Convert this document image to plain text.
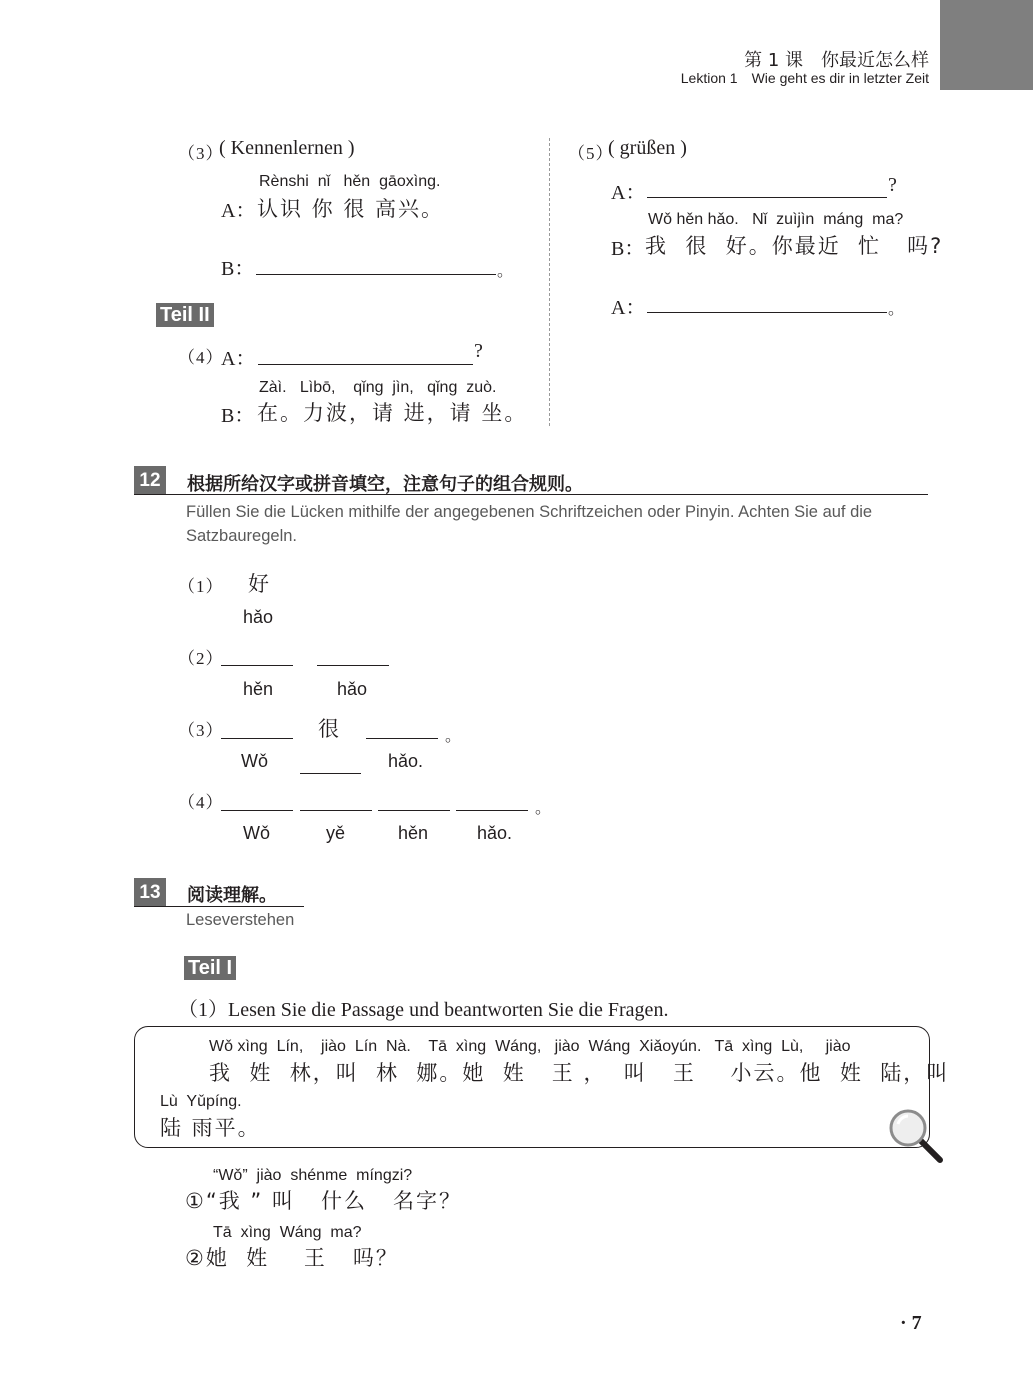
第 1 课　你最近怎么样
Lektion 1　Wie geht es dir in letzter Zeit
（3）
( Kennenlernen )
Rènshi  nǐ   hěn  gāoxìng.
A： 认识 你 很 高兴。
B：	。
Teil II
（4）
A：	?
Zàì.   Lìbō,    qǐng  jìn,   qǐng  zuò.
B： 在。力波，请 进，请 坐。
（5）
( grüßen )
A：	?
Wǒ hěn hǎo.   Nǐ  zuìjìn  máng  ma?
B： 我  很  好。你最近  忙   吗?
A：	。
12	根据所给汉字或拼音填空，注意句子的组合规则。
Füllen Sie die Lücken mithilfe der angegebenen Schriftzeichen oder Pinyin. Achten Sie auf die Satzbauregeln.
（1） 好
hǎo
（2）
hěn	hǎo
（3）	很	。
Wǒ	hǎo.
（4）	。
Wǒ	yě	hěn	hǎo.
13	阅读理解。
Leseverstehen
Teil I
（1）Lesen Sie die Passage und beantworten Sie die Fragen.
Wǒ xìng  Lín,    jiào  Lín  Nà.    Tā  xìng  Wáng,   jiào  Wáng  Xiǎoyún.   Tā  xìng  Lù,     jiào
我  姓  林，叫  林  娜。她  姓   王 ，  叫   王    小云。他  姓  陆，叫
Lù  Yǔpíng.
陆 雨平。
“Wǒ”  jiào  shénme  míngzi?
①“我 ” 叫   什么   名字？
Tā  xìng  Wáng  ma?
②她  姓    王   吗？
· 7
